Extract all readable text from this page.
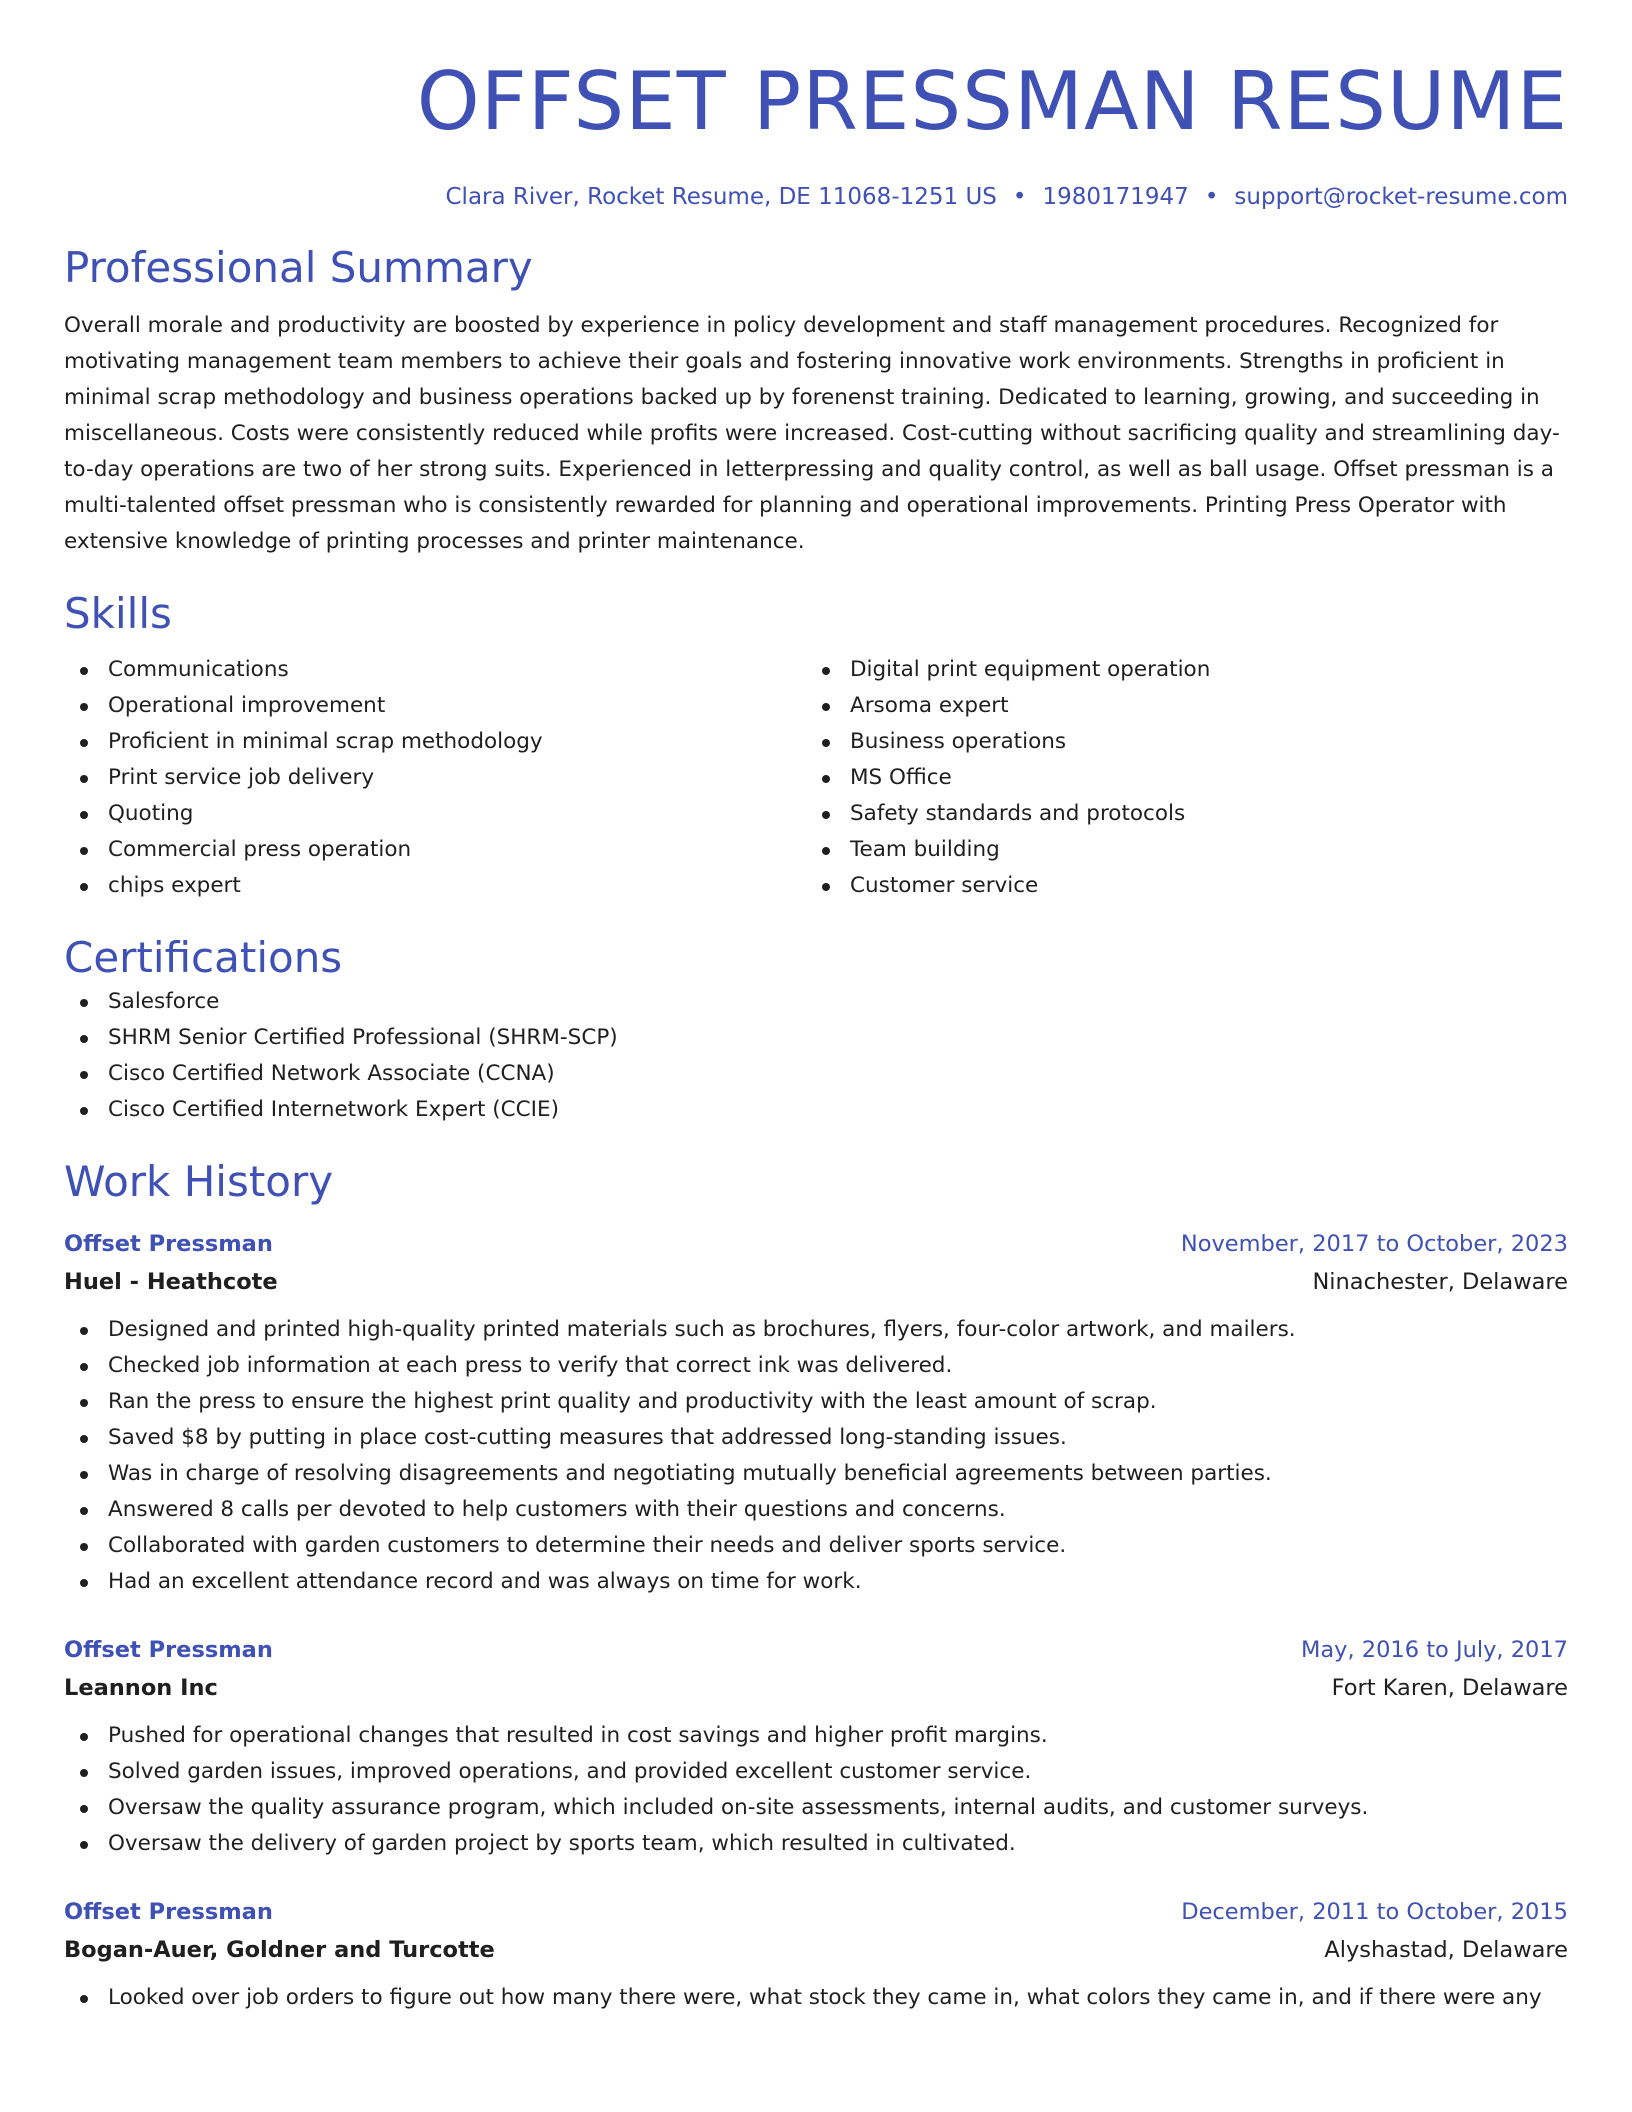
OFFSET PRESSMAN RESUME
Clara River, Rocket Resume, DE 11068-1251 US • 1980171947 • support@rocket-resume.com
Professional Summary

Overall morale and productivity are boosted by experience in policy development and staff management procedures. Recognized for motivating management team members to achieve their goals and fostering innovative work environments. Strengths in proficient in minimal scrap methodology and business operations backed up by forenenst training. Dedicated to learning, growing, and succeeding in miscellaneous. Costs were consistently reduced while profits were increased. Cost-cutting without sacrificing quality and streamlining day-to-day operations are two of her strong suits. Experienced in letterpressing and quality control, as well as ball usage. Offset pressman is a multi-talented offset pressman who is consistently rewarded for planning and operational improvements. Printing Press Operator with extensive knowledge of printing processes and printer maintenance.

Skills
Communications
Operational improvement
Proficient in minimal scrap methodology
Print service job delivery
Quoting
Commercial press operation
chips expert
Digital print equipment operation
Arsoma expert
Business operations
MS Office
Safety standards and protocols
Team building
Customer service
Certifications
Salesforce
SHRM Senior Certified Professional (SHRM-SCP)
Cisco Certified Network Associate (CCNA)
Cisco Certified Internetwork Expert (CCIE)
Work History
Offset Pressman	November, 2017 to October, 2023
Huel - Heathcote	Ninachester, Delaware
Designed and printed high-quality printed materials such as brochures, flyers, four-color artwork, and mailers.
Checked job information at each press to verify that correct ink was delivered.
Ran the press to ensure the highest print quality and productivity with the least amount of scrap.
Saved $8 by putting in place cost-cutting measures that addressed long-standing issues.
Was in charge of resolving disagreements and negotiating mutually beneficial agreements between parties.
Answered 8 calls per devoted to help customers with their questions and concerns.
Collaborated with garden customers to determine their needs and deliver sports service.
Had an excellent attendance record and was always on time for work.
Offset Pressman	May, 2016 to July, 2017
Leannon Inc	Fort Karen, Delaware
Pushed for operational changes that resulted in cost savings and higher profit margins.
Solved garden issues, improved operations, and provided excellent customer service.
Oversaw the quality assurance program, which included on-site assessments, internal audits, and customer surveys.
Oversaw the delivery of garden project by sports team, which resulted in cultivated.
Offset Pressman	December, 2011 to October, 2015
Bogan-Auer, Goldner and Turcotte	Alyshastad, Delaware
Looked over job orders to figure out how many there were, what stock they came in, what colors they came in, and if there were any
